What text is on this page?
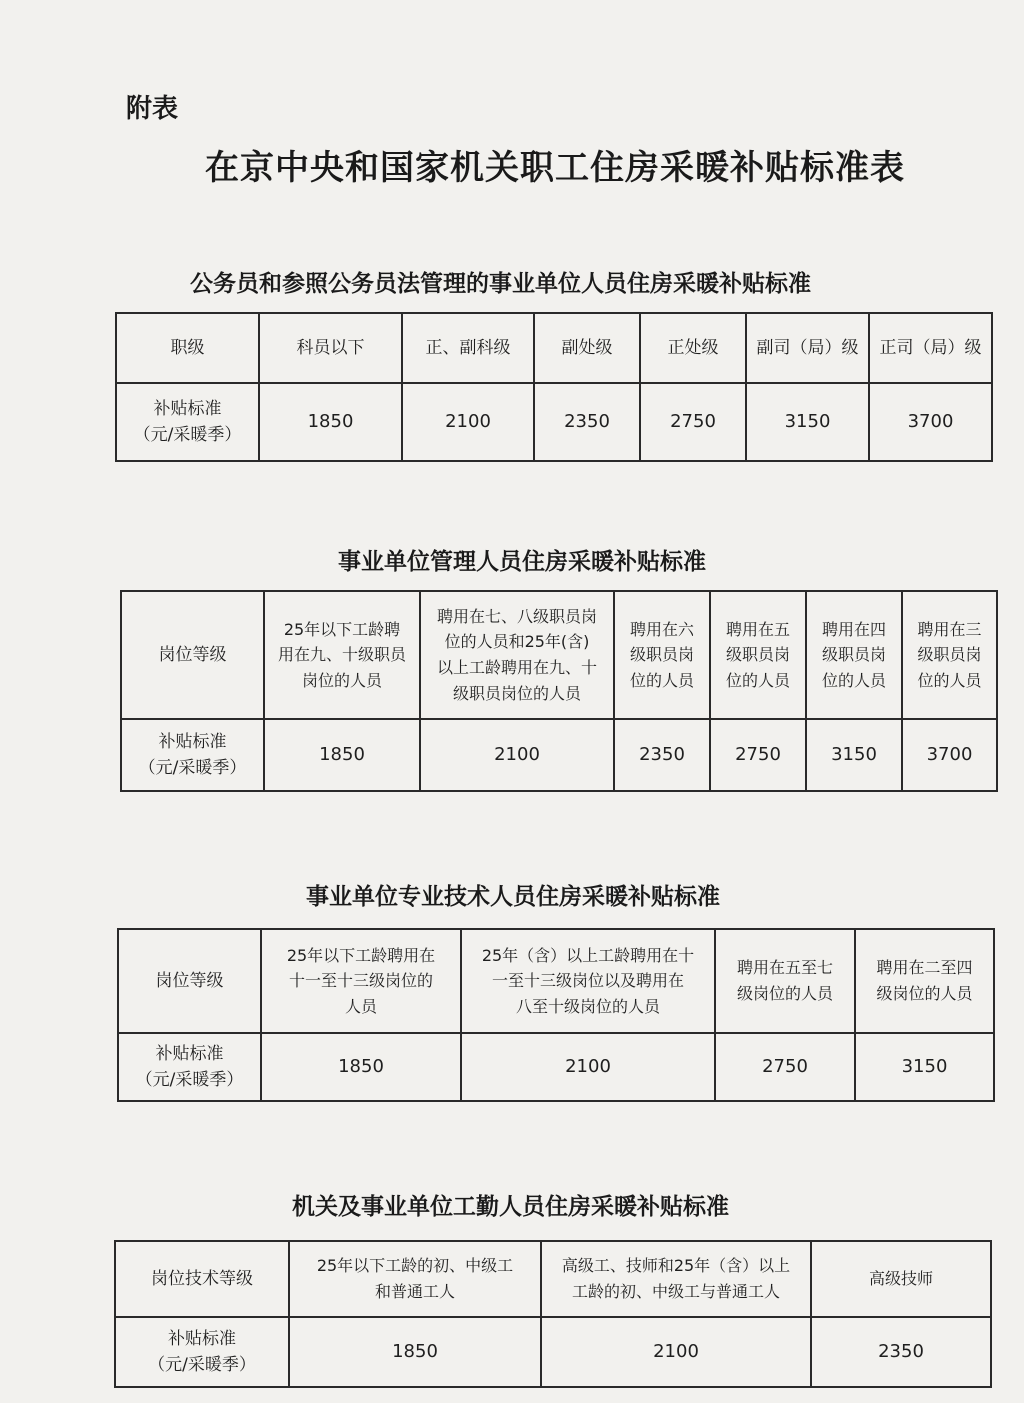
附表
在京中央和国家机关职工住房采暖补贴标准表
公务员和参照公务员法管理的事业单位人员住房采暖补贴标准
职级	科员以下	正、副科级	副处级	正处级	副司（局）级	正司（局）级
补贴标准
（元/采暖季）	1850	2100	2350	2750	3150	3700
事业单位管理人员住房采暖补贴标准
岗位等级	25年以下工龄聘
用在九、十级职员
岗位的人员	聘用在七、八级职员岗
位的人员和25年(含)
以上工龄聘用在九、十
级职员岗位的人员	聘用在六
级职员岗
位的人员	聘用在五
级职员岗
位的人员	聘用在四
级职员岗
位的人员	聘用在三
级职员岗
位的人员
补贴标准
（元/采暖季）	1850	2100	2350	2750	3150	3700
事业单位专业技术人员住房采暖补贴标准
岗位等级	25年以下工龄聘用在
十一至十三级岗位的
人员	25年（含）以上工龄聘用在十
一至十三级岗位以及聘用在
八至十级岗位的人员	聘用在五至七
级岗位的人员	聘用在二至四
级岗位的人员
补贴标准
（元/采暖季）	1850	2100	2750	3150
机关及事业单位工勤人员住房采暖补贴标准
岗位技术等级	25年以下工龄的初、中级工
和普通工人	高级工、技师和25年（含）以上
工龄的初、中级工与普通工人	高级技师
补贴标准
（元/采暖季）	1850	2100	2350
